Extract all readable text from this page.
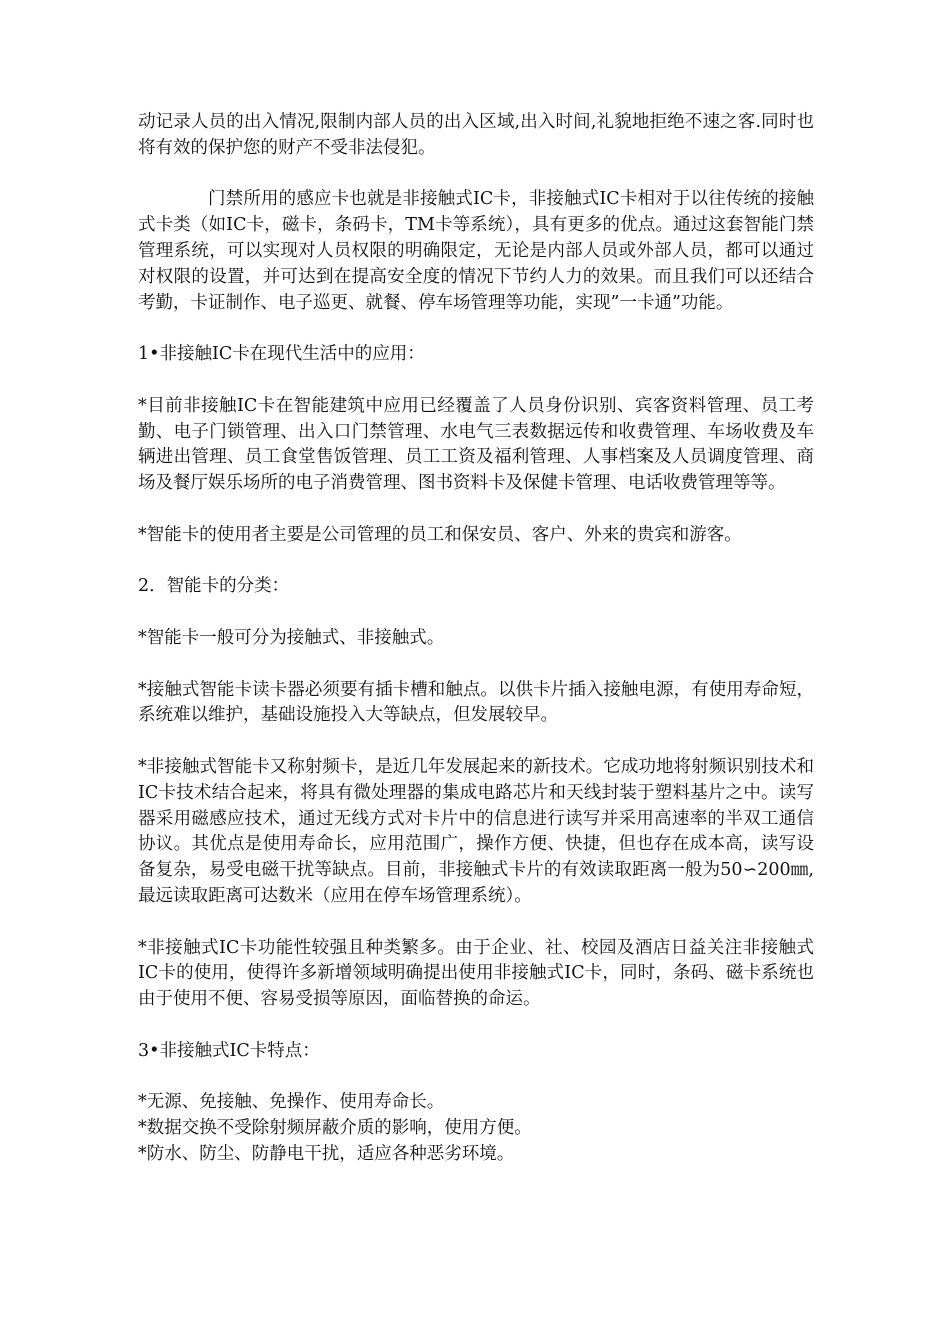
动记录人员的出入情况,限制内部人员的出入区域,出入时间,礼貌地拒绝不速之客.同时也将有效的保护您的财产不受非法侵犯。

门禁所用的感应卡也就是非接触式IC卡，非接触式IC卡相对于以往传统的接触式卡类（如IC卡，磁卡，条码卡，TM卡等系统），具有更多的优点。通过这套智能门禁管理系统，可以实现对人员权限的明确限定，无论是内部人员或外部人员，都可以通过对权限的设置，并可达到在提高安全度的情况下节约人力的效果。而且我们可以还结合考勤，卡证制作、电子巡更、就餐、停车场管理等功能，实现”一卡通”功能。

1•非接触IC卡在现代生活中的应用：

*目前非接触IC卡在智能建筑中应用已经覆盖了人员身份识别、宾客资料管理、员工考勤、电子门锁管理、出入口门禁管理、水电气三表数据远传和收费管理、车场收费及车辆进出管理、员工食堂售饭管理、员工工资及福利管理、人事档案及人员调度管理、商场及餐厅娱乐场所的电子消费管理、图书资料卡及保健卡管理、电话收费管理等等。

*智能卡的使用者主要是公司管理的员工和保安员、客户、外来的贵宾和游客。

2．智能卡的分类：

*智能卡一般可分为接触式、非接触式。

*接触式智能卡读卡器必须要有插卡槽和触点。以供卡片插入接触电源，有使用寿命短，系统难以维护，基础设施投入大等缺点，但发展较早。

*非接触式智能卡又称射频卡，是近几年发展起来的新技术。它成功地将射频识别技术和IC卡技术结合起来，将具有微处理器的集成电路芯片和天线封装于塑料基片之中。读写器采用磁感应技术，通过无线方式对卡片中的信息进行读写并采用高速率的半双工通信协议。其优点是使用寿命长，应用范围广，操作方便、快捷，但也存在成本高，读写设备复杂，易受电磁干扰等缺点。目前，非接触式卡片的有效读取距离一般为50∽200㎜,最远读取距离可达数米（应用在停车场管理系统）。

*非接触式IC卡功能性较强且种类繁多。由于企业、社、校园及酒店日益关注非接触式IC卡的使用，使得许多新增领域明确提出使用非接触式IC卡，同时，条码、磁卡系统也由于使用不便、容易受损等原因，面临替换的命运。

3•非接触式IC卡特点：

*无源、免接触、免操作、使用寿命长。

*数据交换不受除射频屏蔽介质的影响，使用方便。

*防水、防尘、防静电干扰，适应各种恶劣环境。
